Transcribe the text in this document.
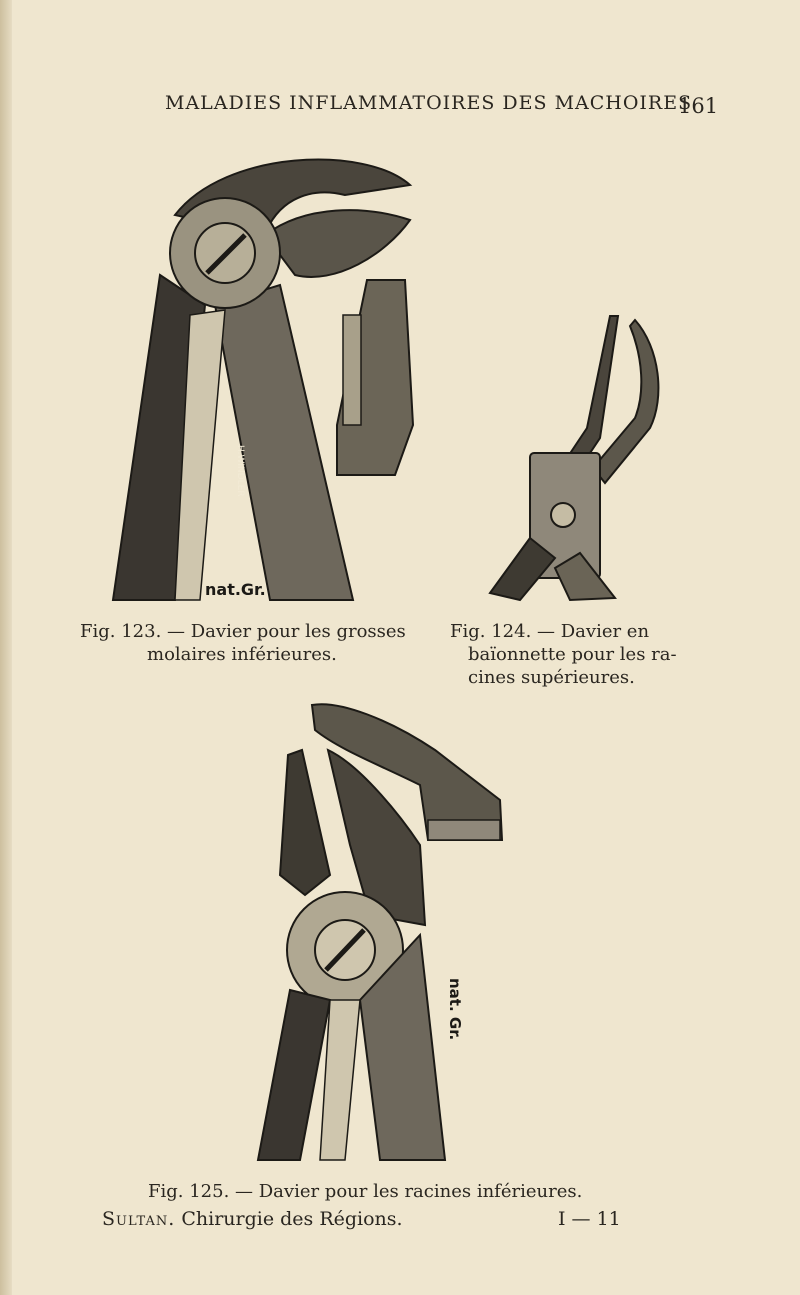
MALADIES INFLAMMATOIRES DES MACHOIRES
161
H.WINDLER
nat.Gr.
Fig. 123. — Davier pour les grosses
molaires inférieures.
Fig. 124. — Davier en
baïonnette pour les ra-
cines supérieures.
nat. Gr.
Fig. 125. — Davier pour les racines inférieures.
Sultan. Chirurgie des Régions.	I — 11
